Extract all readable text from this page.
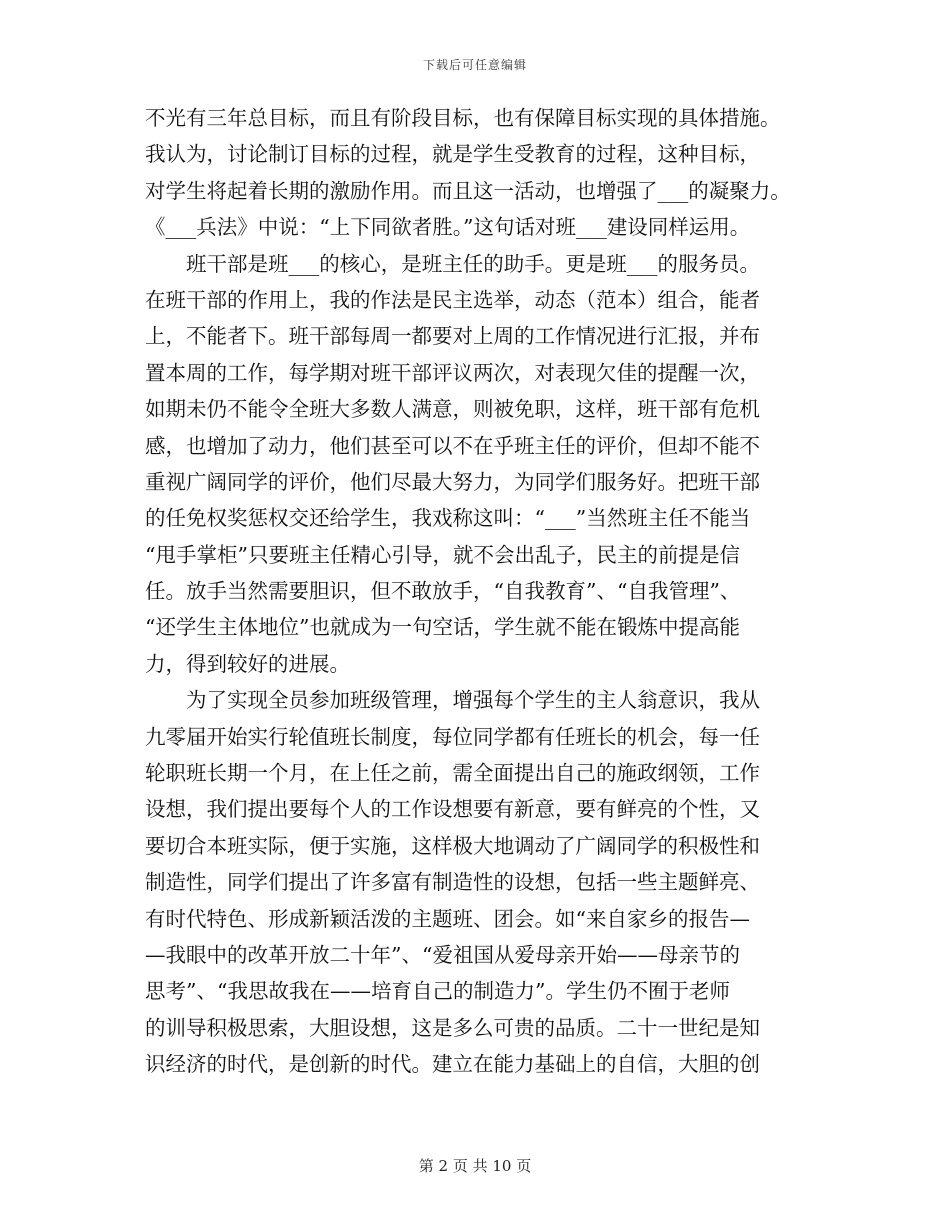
下载后可任意编辑
不光有三年总目标，而且有阶段目标，也有保障目标实现的具体措施。
我认为，讨论制订目标的过程，就是学生受教育的过程，这种目标，
对学生将起着长期的激励作用。而且这一活动，也增强了___的凝聚力。
《___兵法》中说：“上下同欲者胜。”这句话对班___建设同样运用。
　　班干部是班___的核心，是班主任的助手。更是班___的服务员。
在班干部的作用上，我的作法是民主选举，动态（范本）组合，能者
上，不能者下。班干部每周一都要对上周的工作情况进行汇报，并布
置本周的工作，每学期对班干部评议两次，对表现欠佳的提醒一次，
如期未仍不能令全班大多数人满意，则被免职，这样，班干部有危机
感，也增加了动力，他们甚至可以不在乎班主任的评价，但却不能不
重视广阔同学的评价，他们尽最大努力，为同学们服务好。把班干部
的任免权奖惩权交还给学生，我戏称这叫：“___”当然班主任不能当
“甩手掌柜”只要班主任精心引导，就不会出乱子，民主的前提是信
任。放手当然需要胆识，但不敢放手，“自我教育”、“自我管理”、
“还学生主体地位”也就成为一句空话，学生就不能在锻炼中提高能
力，得到较好的进展。
　　为了实现全员参加班级管理，增强每个学生的主人翁意识，我从
九零届开始实行轮值班长制度，每位同学都有任班长的机会，每一任
轮职班长期一个月，在上任之前，需全面提出自己的施政纲领，工作
设想，我们提出要每个人的工作设想要有新意，要有鲜亮的个性，又
要切合本班实际，便于实施，这样极大地调动了广阔同学的积极性和
制造性，同学们提出了许多富有制造性的设想，包括一些主题鲜亮、
有时代特色、形成新颖活泼的主题班、团会。如“来自家乡的报告—
—我眼中的改革开放二十年”、“爱祖国从爱母亲开始——母亲节的
思考”、“我思故我在——培育自己的制造力”。学生仍不囿于老师
的训导积极思索，大胆设想，这是多么可贵的品质。二十一世纪是知
识经济的时代，是创新的时代。建立在能力基础上的自信，大胆的创
第 2 页 共 10 页
